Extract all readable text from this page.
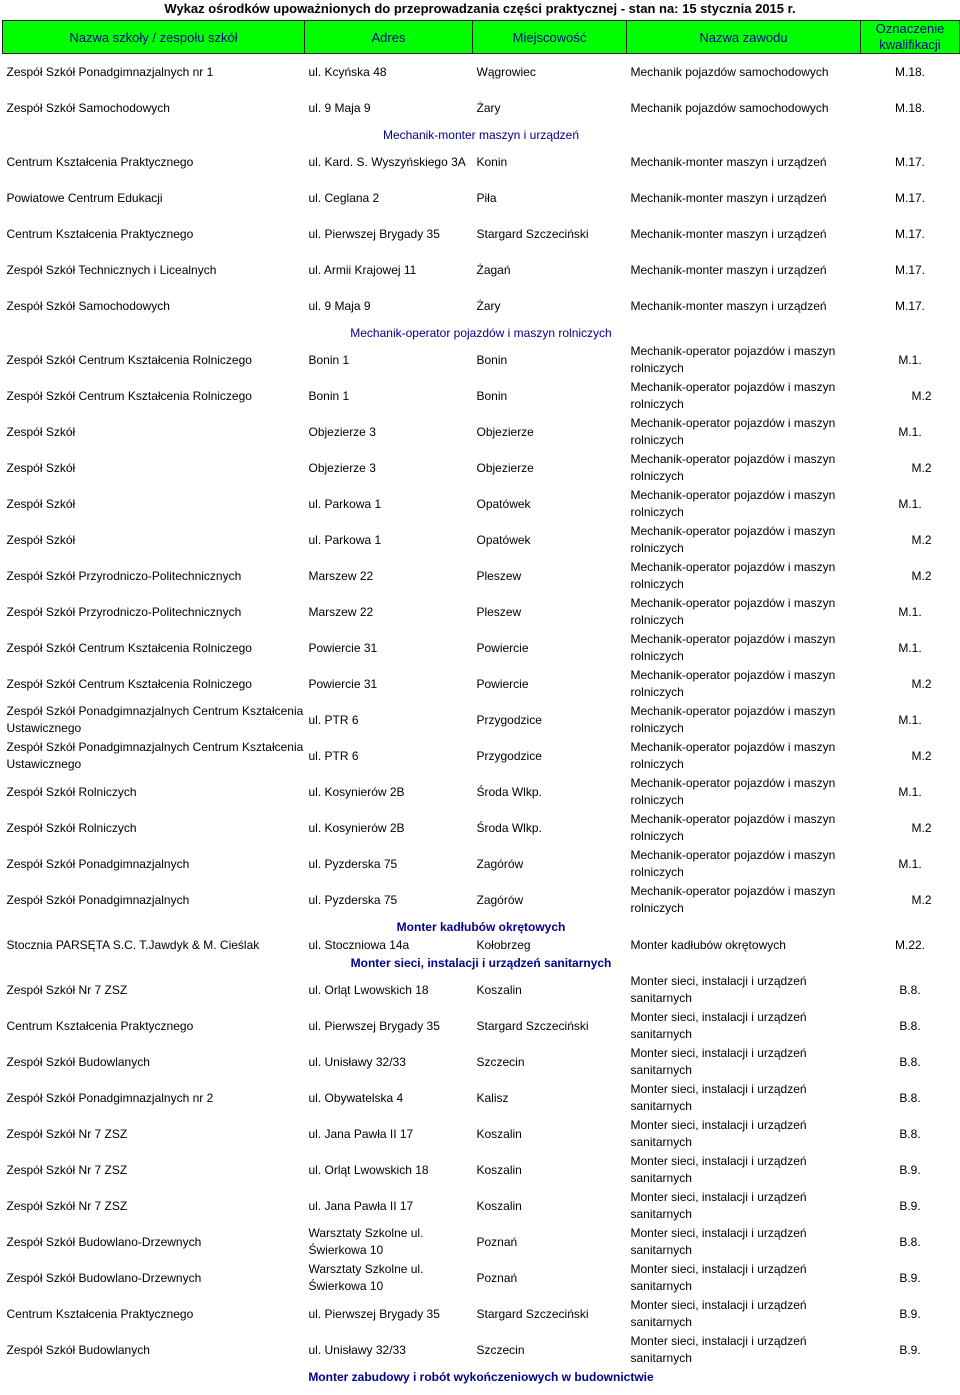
Wykaz ośrodków upoważnionych do przeprowadzania części praktycznej - stan na: 15 stycznia 2015 r.
Nazwa szkoły / zespołu szkół	Adres	Miejscowość	Nazwa zawodu	Oznaczenie kwalifikacji
Zespół Szkół Ponadgimnazjalnych nr 1	ul. Kcyńska 48	Wągrowiec	Mechanik pojazdów samochodowych	M.18.
Zespół Szkół Samochodowych	ul. 9 Maja 9	Żary	Mechanik pojazdów samochodowych	M.18.
Mechanik-monter maszyn i urządzeń				
Centrum Kształcenia Praktycznego	ul. Kard. S. Wyszyńskiego 3A	Konin	Mechanik-monter maszyn i urządzeń	M.17.
Powiatowe Centrum Edukacji	ul. Ceglana 2	Piła	Mechanik-monter maszyn i urządzeń	M.17.
Centrum Kształcenia Praktycznego	ul. Pierwszej Brygady 35	Stargard Szczeciński	Mechanik-monter maszyn i urządzeń	M.17.
Zespół Szkół Technicznych i Licealnych	ul. Armii Krajowej 11	Żagań	Mechanik-monter maszyn i urządzeń	M.17.
Zespół Szkół Samochodowych	ul. 9 Maja 9	Żary	Mechanik-monter maszyn i urządzeń	M.17.
Mechanik-operator pojazdów i maszyn rolniczych				
Zespół Szkół Centrum Kształcenia Rolniczego	Bonin 1	Bonin	Mechanik-operator pojazdów i maszyn rolniczych	M.1.
Zespół Szkół Centrum Kształcenia Rolniczego	Bonin 1	Bonin	Mechanik-operator pojazdów i maszyn rolniczych	M.2
Zespół Szkół	Objezierze 3	Objezierze	Mechanik-operator pojazdów i maszyn rolniczych	M.1.
Zespół Szkół	Objezierze 3	Objezierze	Mechanik-operator pojazdów i maszyn rolniczych	M.2
Zespół Szkół	ul. Parkowa 1	Opatówek	Mechanik-operator pojazdów i maszyn rolniczych	M.1.
Zespół Szkół	ul. Parkowa 1	Opatówek	Mechanik-operator pojazdów i maszyn rolniczych	M.2
Zespół Szkół Przyrodniczo-Politechnicznych	Marszew 22	Pleszew	Mechanik-operator pojazdów i maszyn rolniczych	M.2
Zespół Szkół Przyrodniczo-Politechnicznych	Marszew 22	Pleszew	Mechanik-operator pojazdów i maszyn rolniczych	M.1.
Zespół Szkół Centrum Kształcenia Rolniczego	Powiercie 31	Powiercie	Mechanik-operator pojazdów i maszyn rolniczych	M.1.
Zespół Szkół Centrum Kształcenia Rolniczego	Powiercie 31	Powiercie	Mechanik-operator pojazdów i maszyn rolniczych	M.2
Zespół Szkół Ponadgimnazjalnych Centrum Kształcenia Ustawicznego	ul. PTR 6	Przygodzice	Mechanik-operator pojazdów i maszyn rolniczych	M.1.
Zespół Szkół Ponadgimnazjalnych Centrum Kształcenia Ustawicznego	ul. PTR 6	Przygodzice	Mechanik-operator pojazdów i maszyn rolniczych	M.2
Zespół Szkół Rolniczych	ul. Kosynierów 2B	Środa Wlkp.	Mechanik-operator pojazdów i maszyn rolniczych	M.1.
Zespół Szkół Rolniczych	ul. Kosynierów 2B	Środa Wlkp.	Mechanik-operator pojazdów i maszyn rolniczych	M.2
Zespół Szkół Ponadgimnazjalnych	ul. Pyzderska 75	Zagórów	Mechanik-operator pojazdów i maszyn rolniczych	M.1.
Zespół Szkół Ponadgimnazjalnych	ul. Pyzderska 75	Zagórów	Mechanik-operator pojazdów i maszyn rolniczych	M.2
Monter kadłubów okrętowych				
Stocznia PARSĘTA S.C. T.Jawdyk & M. Cieślak	ul. Stoczniowa 14a	Kołobrzeg	Monter kadłubów okrętowych	M.22.
Monter sieci, instalacji i urządzeń sanitarnych				
Zespół Szkół Nr 7 ZSZ	ul. Orląt Lwowskich 18	Koszalin	Monter sieci, instalacji i urządzeń sanitarnych	B.8.
Centrum Kształcenia Praktycznego	ul. Pierwszej Brygady 35	Stargard Szczeciński	Monter sieci, instalacji i urządzeń sanitarnych	B.8.
Zespół Szkół Budowlanych	ul. Unisławy 32/33	Szczecin	Monter sieci, instalacji i urządzeń sanitarnych	B.8.
Zespół Szkół Ponadgimnazjalnych nr 2	ul. Obywatelska 4	Kalisz	Monter sieci, instalacji i urządzeń sanitarnych	B.8.
Zespół Szkół Nr 7 ZSZ	ul. Jana Pawła II 17	Koszalin	Monter sieci, instalacji i urządzeń sanitarnych	B.8.
Zespół Szkół Nr 7 ZSZ	ul. Orląt Lwowskich 18	Koszalin	Monter sieci, instalacji i urządzeń sanitarnych	B.9.
Zespół Szkół Nr 7 ZSZ	ul. Jana Pawła II 17	Koszalin	Monter sieci, instalacji i urządzeń sanitarnych	B.9.
Zespół Szkół Budowlano-Drzewnych	Warsztaty Szkolne ul. Świerkowa 10	Poznań	Monter sieci, instalacji i urządzeń sanitarnych	B.8.
Zespół Szkół Budowlano-Drzewnych	Warsztaty Szkolne ul. Świerkowa 10	Poznań	Monter sieci, instalacji i urządzeń sanitarnych	B.9.
Centrum Kształcenia Praktycznego	ul. Pierwszej Brygady 35	Stargard Szczeciński	Monter sieci, instalacji i urządzeń sanitarnych	B.9.
Zespół Szkół Budowlanych	ul. Unisławy 32/33	Szczecin	Monter sieci, instalacji i urządzeń sanitarnych	B.9.
Monter zabudowy i robót wykończeniowych w budownictwie				
